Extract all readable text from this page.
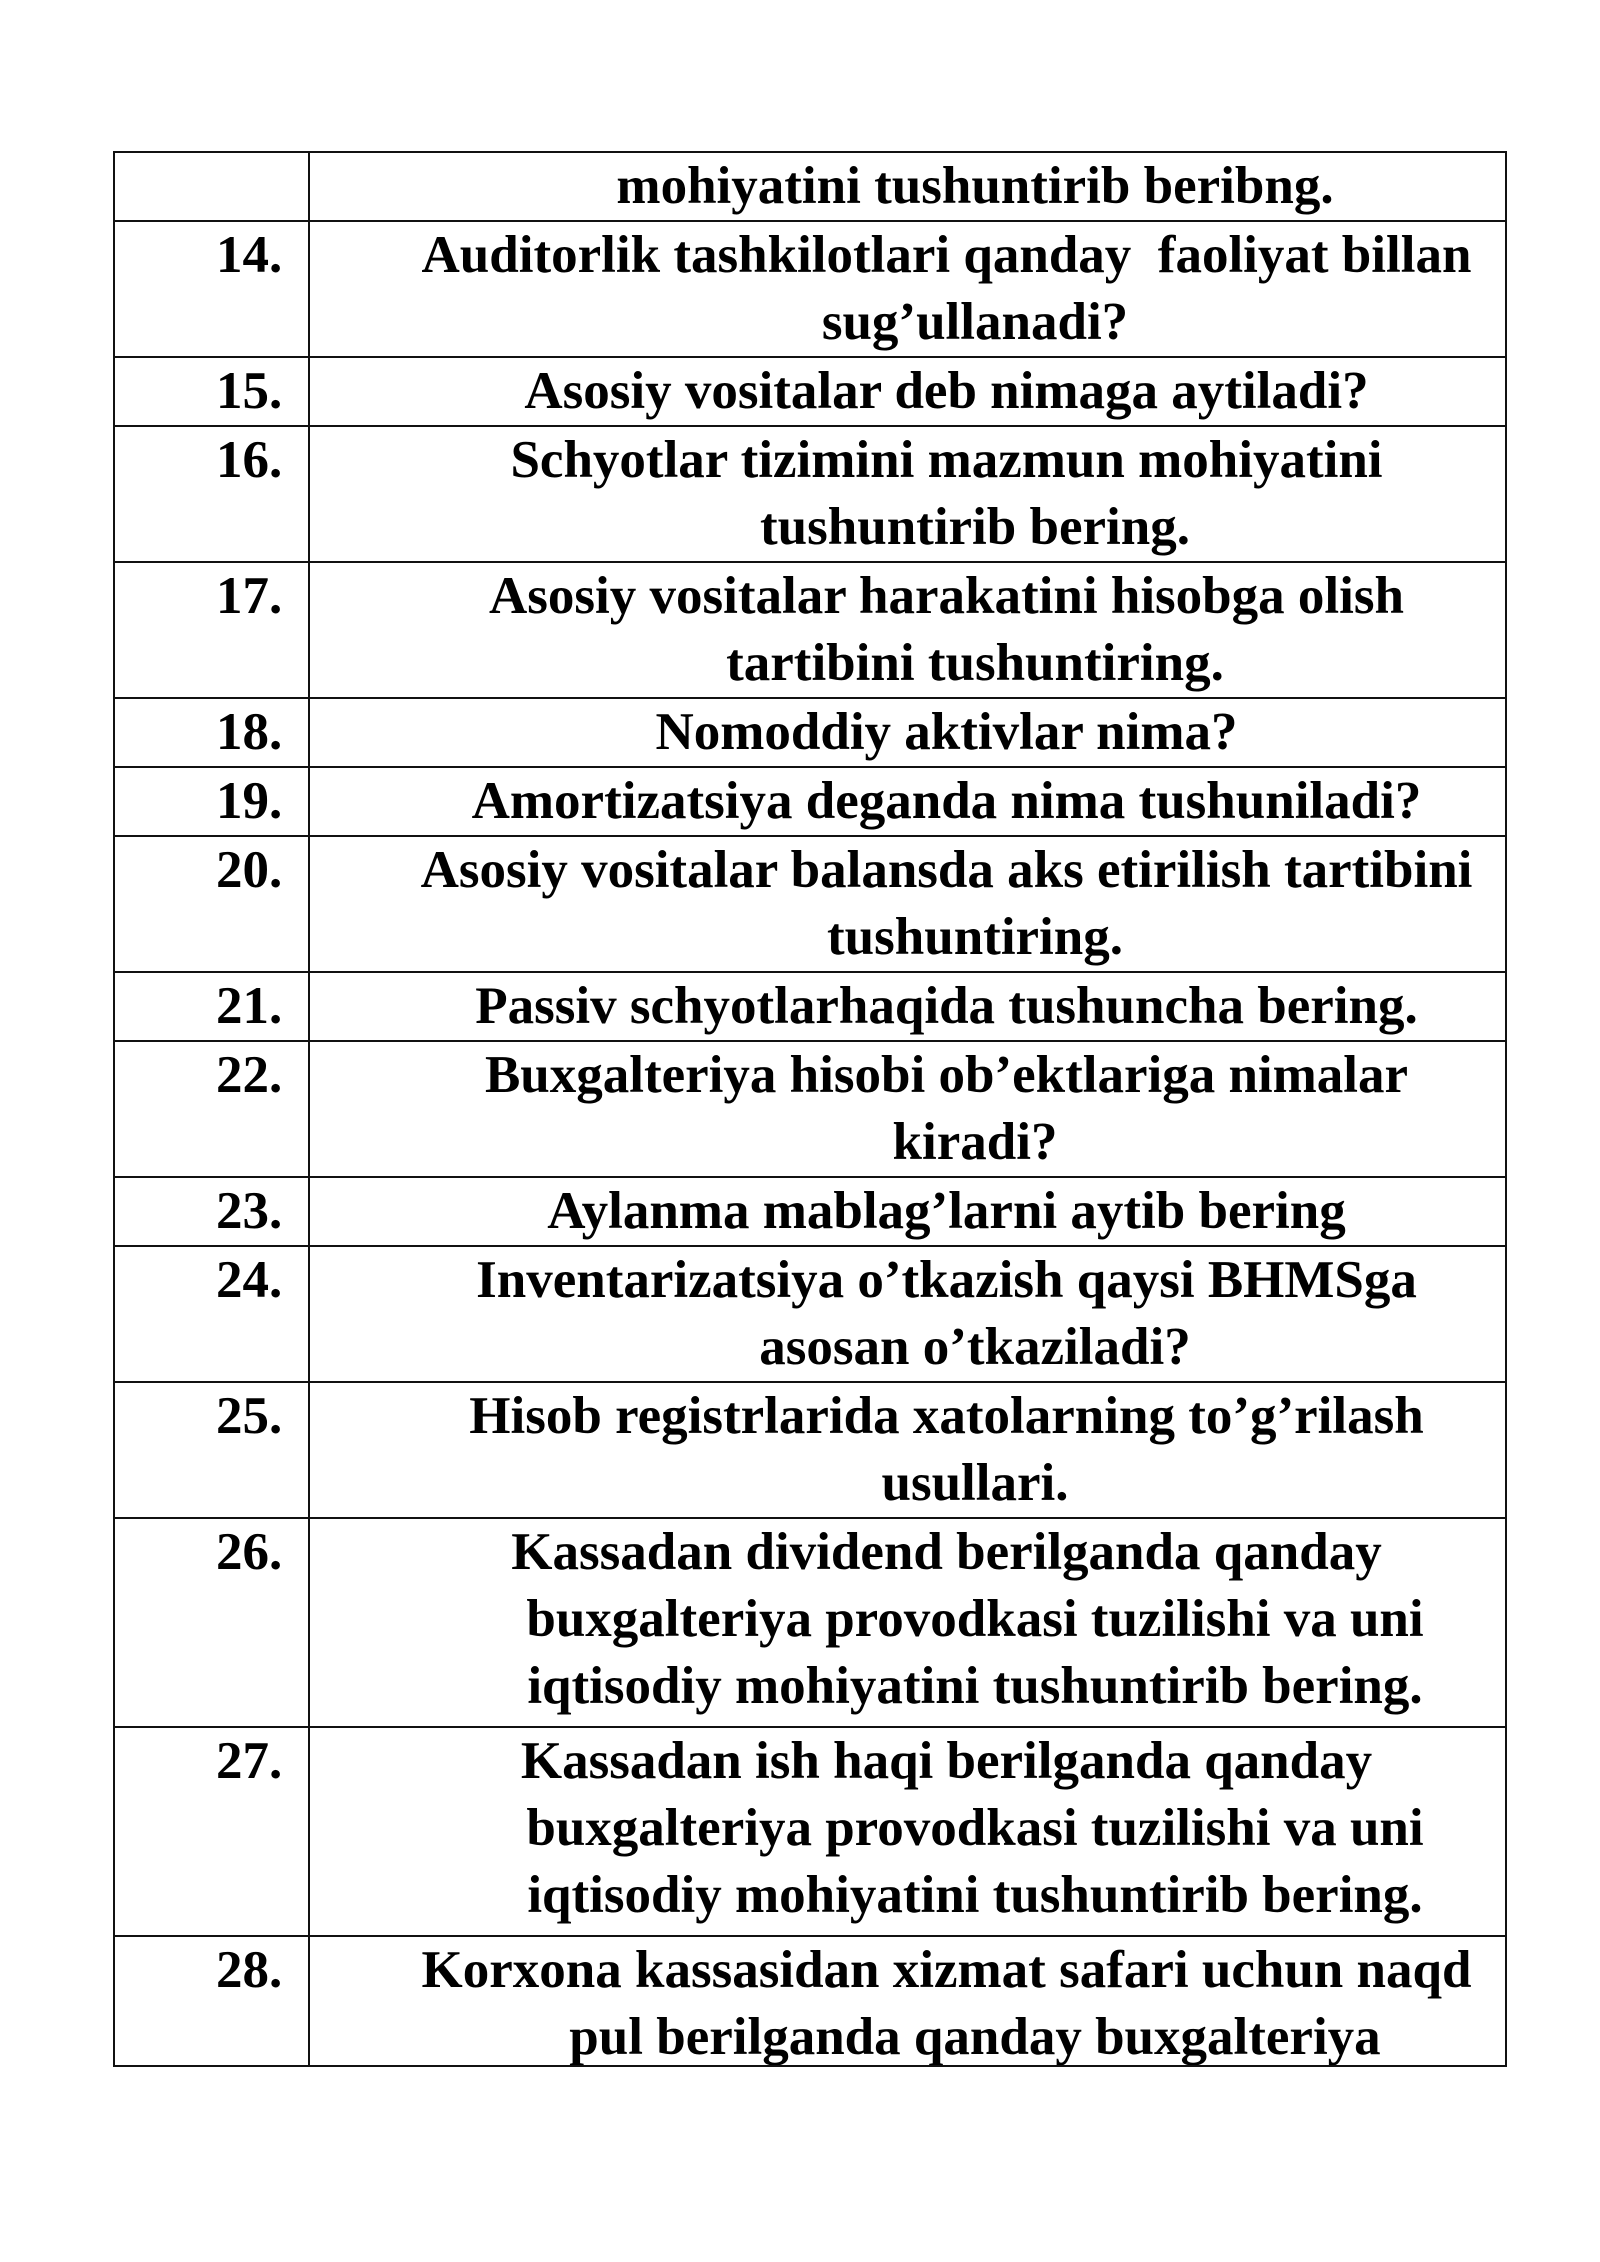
mohiyatini tushuntirib beribng.
14.	Auditorlik tashkilotlari qanday  faoliyat billan
sug’ullanadi?
15.	Asosiy vositalar deb nimaga aytiladi?
16.	Schyotlar tizimini mazmun mohiyatini
tushuntirib bering.
17.	Asosiy vositalar harakatini hisobga olish
tartibini tushuntiring.
18.	Nomoddiy aktivlar nima?
19.	Amortizatsiya deganda nima tushuniladi?
20.	Asosiy vositalar balansda aks etirilish tartibini
tushuntiring.
21.	Passiv schyotlarhaqida tushuncha bering.
22.	Buxgalteriya hisobi ob’ektlariga nimalar
kiradi?
23.	Aylanma mablag’larni aytib bering
24.	Inventarizatsiya o’tkazish qaysi BHMSga
asosan o’tkaziladi?
25.	Hisob registrlarida xatolarning to’g’rilash
usullari.
26.	Kassadan dividend berilganda qanday
buxgalteriya provodkasi tuzilishi va uni
iqtisodiy mohiyatini tushuntirib bering.
27.	Kassadan ish haqi berilganda qanday
buxgalteriya provodkasi tuzilishi va uni
iqtisodiy mohiyatini tushuntirib bering.
28.	Korxona kassasidan xizmat safari uchun naqd
pul berilganda qanday buxgalteriya
